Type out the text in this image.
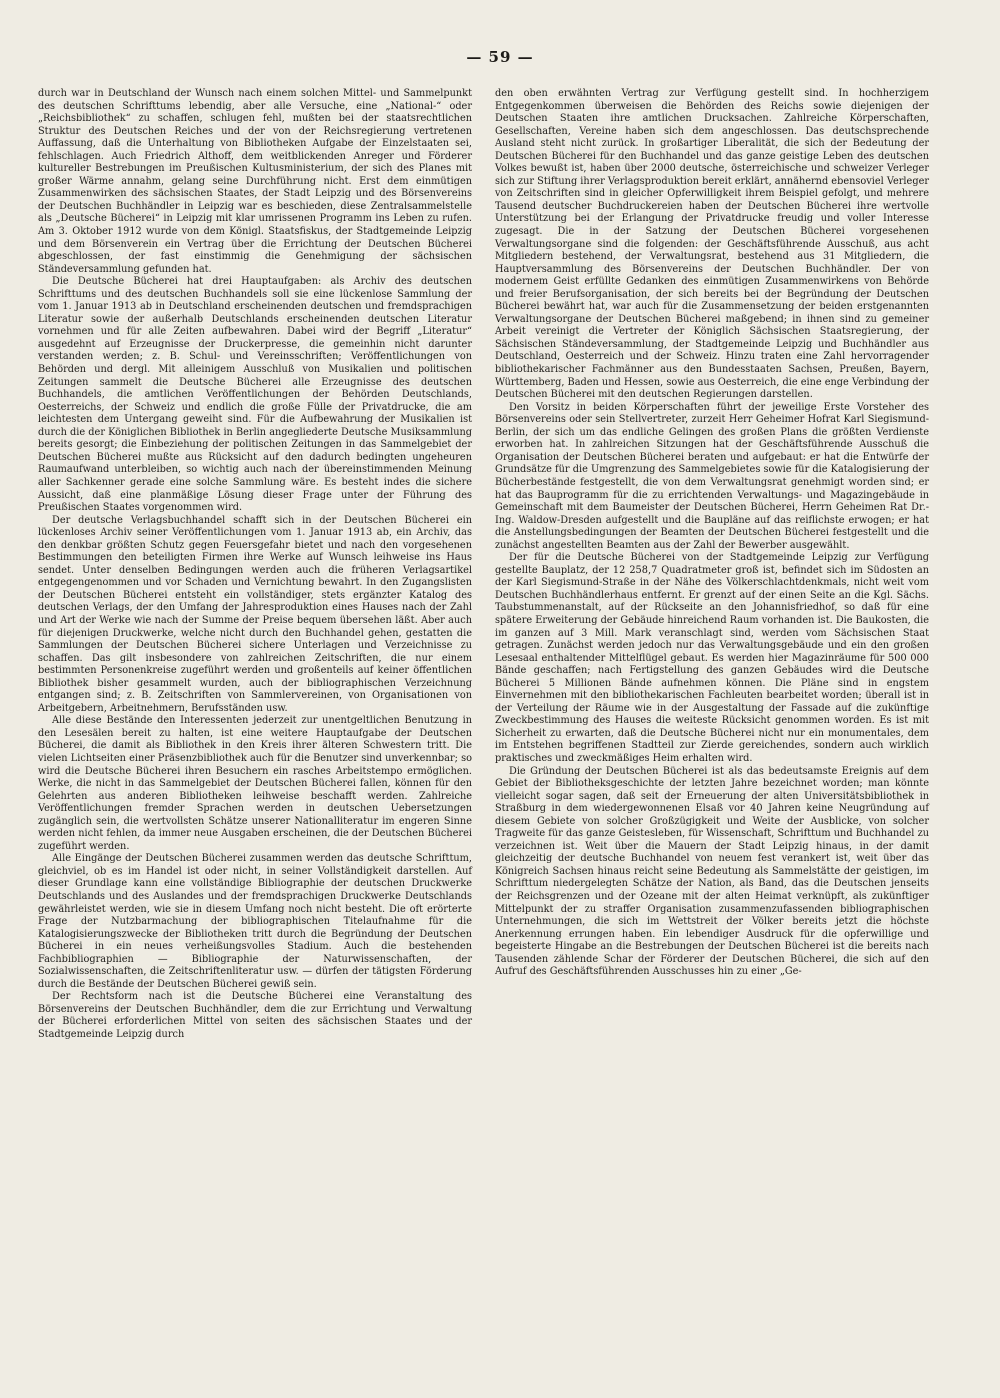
— 59 —

durch war in Deutschland der Wunsch nach einem solchen Mittel- und Sammelpunkt des deutschen Schrifttums lebendig, aber alle Versuche, eine „National-“ oder „Reichsbibliothek“ zu schaffen, schlugen fehl, mußten bei der staatsrechtlichen Struktur des Deutschen Reiches und der von der Reichsregierung vertretenen Auffassung, daß die Unterhaltung von Bibliotheken Aufgabe der Einzelstaaten sei, fehlschlagen. Auch Friedrich Althoff, dem weitblickenden Anreger und Förderer kultureller Bestrebungen im Preußischen Kultusministerium, der sich des Planes mit großer Wärme annahm, gelang seine Durchführung nicht. Erst dem einmütigen Zusammenwirken des sächsischen Staates, der Stadt Leipzig und des Börsenvereins der Deutschen Buchhändler in Leipzig war es beschieden, diese Zentralsammelstelle als „Deutsche Bücherei“ in Leipzig mit klar umrissenen Programm ins Leben zu rufen. Am 3. Oktober 1912 wurde von dem Königl. Staatsfiskus, der Stadtgemeinde Leipzig und dem Börsenverein ein Vertrag über die Errichtung der Deutschen Bücherei abgeschlossen, der fast einstimmig die Genehmigung der sächsischen Ständeversammlung gefunden hat.

Die Deutsche Bücherei hat drei Hauptaufgaben: als Archiv des deutschen Schrifttums und des deutschen Buchhandels soll sie eine lückenlose Sammlung der vom 1. Januar 1913 ab in Deutschland erscheinenden deutschen und fremdsprachigen Literatur sowie der außerhalb Deutschlands erscheinenden deutschen Literatur vornehmen und für alle Zeiten aufbewahren. Dabei wird der Begriff „Literatur“ ausgedehnt auf Erzeugnisse der Druckerpresse, die gemeinhin nicht darunter verstanden werden; z. B. Schul- und Vereinsschriften; Veröffentlichungen von Behörden und dergl. Mit alleinigem Ausschluß von Musikalien und politischen Zeitungen sammelt die Deutsche Bücherei alle Erzeugnisse des deutschen Buchhandels, die amtlichen Veröffentlichungen der Behörden Deutschlands, Oesterreichs, der Schweiz und endlich die große Fülle der Privatdrucke, die am leichtesten dem Untergang geweiht sind. Für die Aufbewahrung der Musikalien ist durch die der Königlichen Bibliothek in Berlin angegliederte Deutsche Musiksammlung bereits gesorgt; die Einbeziehung der politischen Zeitungen in das Sammelgebiet der Deutschen Bücherei mußte aus Rücksicht auf den dadurch bedingten ungeheuren Raumaufwand unterbleiben, so wichtig auch nach der übereinstimmenden Meinung aller Sachkenner gerade eine solche Sammlung wäre. Es besteht indes die sichere Aussicht, daß eine planmäßige Lösung dieser Frage unter der Führung des Preußischen Staates vorgenommen wird.

Der deutsche Verlagsbuchhandel schafft sich in der Deutschen Bücherei ein lückenloses Archiv seiner Veröffentlichungen vom 1. Januar 1913 ab, ein Archiv, das den denkbar größten Schutz gegen Feuersgefahr bietet und nach den vorgesehenen Bestimmungen den beteiligten Firmen ihre Werke auf Wunsch leihweise ins Haus sendet. Unter denselben Bedingungen werden auch die früheren Verlagsartikel entgegengenommen und vor Schaden und Vernichtung bewahrt. In den Zugangslisten der Deutschen Bücherei entsteht ein vollständiger, stets ergänzter Katalog des deutschen Verlags, der den Umfang der Jahresproduktion eines Hauses nach der Zahl und Art der Werke wie nach der Summe der Preise bequem übersehen läßt. Aber auch für diejenigen Druckwerke, welche nicht durch den Buchhandel gehen, gestatten die Sammlungen der Deutschen Bücherei sichere Unterlagen und Verzeichnisse zu schaffen. Das gilt insbesondere von zahlreichen Zeitschriften, die nur einem bestimmten Personenkreise zugeführt werden und großenteils auf keiner öffentlichen Bibliothek bisher gesammelt wurden, auch der bibliographischen Verzeichnung entgangen sind; z. B. Zeitschriften von Sammlervereinen, von Organisationen von Arbeitgebern, Arbeitnehmern, Berufsständen usw.

Alle diese Bestände den Interessenten jederzeit zur unentgeltlichen Benutzung in den Lesesälen bereit zu halten, ist eine weitere Hauptaufgabe der Deutschen Bücherei, die damit als Bibliothek in den Kreis ihrer älteren Schwestern tritt. Die vielen Lichtseiten einer Präsenzbibliothek auch für die Benutzer sind unverkennbar; so wird die Deutsche Bücherei ihren Besuchern ein rasches Arbeitstempo ermöglichen. Werke, die nicht in das Sammelgebiet der Deutschen Bücherei fallen, können für den Gelehrten aus anderen Bibliotheken leihweise beschafft werden. Zahlreiche Veröffentlichungen fremder Sprachen werden in deutschen Uebersetzungen zugänglich sein, die wertvollsten Schätze unserer Nationalliteratur im engeren Sinne werden nicht fehlen, da immer neue Ausgaben erscheinen, die der Deutschen Bücherei zugeführt werden.

Alle Eingänge der Deutschen Bücherei zusammen werden das deutsche Schrifttum, gleichviel, ob es im Handel ist oder nicht, in seiner Vollständigkeit darstellen. Auf dieser Grundlage kann eine vollständige Bibliographie der deutschen Druckwerke Deutschlands und des Auslandes und der fremdsprachigen Druckwerke Deutschlands gewährleistet werden, wie sie in diesem Umfang noch nicht besteht. Die oft erörterte Frage der Nutzbarmachung der bibliographischen Titelaufnahme für die Katalogisierungszwecke der Bibliotheken tritt durch die Begründung der Deutschen Bücherei in ein neues verheißungsvolles Stadium. Auch die bestehenden Fachbibliographien — Bibliographie der Naturwissenschaften, der Sozialwissenschaften, die Zeitschriftenliteratur usw. — dürfen der tätigsten Förderung durch die Bestände der Deutschen Bücherei gewiß sein.

Der Rechtsform nach ist die Deutsche Bücherei eine Veranstaltung des Börsenvereins der Deutschen Buchhändler, dem die zur Errichtung und Verwaltung der Bücherei erforderlichen Mittel von seiten des sächsischen Staates und der Stadtgemeinde Leipzig durch

den oben erwähnten Vertrag zur Verfügung gestellt sind. In hochherzigem Entgegenkommen überweisen die Behörden des Reichs sowie diejenigen der Deutschen Staaten ihre amtlichen Drucksachen. Zahlreiche Körperschaften, Gesellschaften, Vereine haben sich dem angeschlossen. Das deutschsprechende Ausland steht nicht zurück. In großartiger Liberalität, die sich der Bedeutung der Deutschen Bücherei für den Buchhandel und das ganze geistige Leben des deutschen Volkes bewußt ist, haben über 2000 deutsche, österreichische und schweizer Verleger sich zur Stiftung ihrer Verlagsproduktion bereit erklärt, annähernd ebensoviel Verleger von Zeitschriften sind in gleicher Opferwilligkeit ihrem Beispiel gefolgt, und mehrere Tausend deutscher Buchdruckereien haben der Deutschen Bücherei ihre wertvolle Unterstützung bei der Erlangung der Privatdrucke freudig und voller Interesse zugesagt. Die in der Satzung der Deutschen Bücherei vorgesehenen Verwaltungsorgane sind die folgenden: der Geschäftsführende Ausschuß, aus acht Mitgliedern bestehend, der Verwaltungsrat, bestehend aus 31 Mitgliedern, die Hauptversammlung des Börsenvereins der Deutschen Buchhändler. Der von modernem Geist erfüllte Gedanken des einmütigen Zusammenwirkens von Behörde und freier Berufsorganisation, der sich bereits bei der Begründung der Deutschen Bücherei bewährt hat, war auch für die Zusammensetzung der beiden erstgenannten Verwaltungsorgane der Deutschen Bücherei maßgebend; in ihnen sind zu gemeiner Arbeit vereinigt die Vertreter der Königlich Sächsischen Staatsregierung, der Sächsischen Ständeversammlung, der Stadtgemeinde Leipzig und Buchhändler aus Deutschland, Oesterreich und der Schweiz. Hinzu traten eine Zahl hervorragender bibliothekarischer Fachmänner aus den Bundesstaaten Sachsen, Preußen, Bayern, Württemberg, Baden und Hessen, sowie aus Oesterreich, die eine enge Verbindung der Deutschen Bücherei mit den deutschen Regierungen darstellen.

Den Vorsitz in beiden Körperschaften führt der jeweilige Erste Vorsteher des Börsenvereins oder sein Stellvertreter, zurzeit Herr Geheimer Hofrat Karl Siegismund-Berlin, der sich um das endliche Gelingen des großen Plans die größten Verdienste erworben hat. In zahlreichen Sitzungen hat der Geschäftsführende Ausschuß die Organisation der Deutschen Bücherei beraten und aufgebaut: er hat die Entwürfe der Grundsätze für die Umgrenzung des Sammelgebietes sowie für die Katalogisierung der Bücherbestände festgestellt, die von dem Verwaltungsrat genehmigt worden sind; er hat das Bauprogramm für die zu errichtenden Verwaltungs- und Magazingebäude in Gemeinschaft mit dem Baumeister der Deutschen Bücherei, Herrn Geheimen Rat Dr.-Ing. Waldow-Dresden aufgestellt und die Baupläne auf das reiflichste erwogen; er hat die Anstellungsbedingungen der Beamten der Deutschen Bücherei festgestellt und die zunächst angestellten Beamten aus der Zahl der Bewerber ausgewählt.

Der für die Deutsche Bücherei von der Stadtgemeinde Leipzig zur Verfügung gestellte Bauplatz, der 12 258,7 Quadratmeter groß ist, befindet sich im Südosten an der Karl Siegismund-Straße in der Nähe des Völkerschlachtdenkmals, nicht weit vom Deutschen Buchhändlerhaus entfernt. Er grenzt auf der einen Seite an die Kgl. Sächs. Taubstummenanstalt, auf der Rückseite an den Johannisfriedhof, so daß für eine spätere Erweiterung der Gebäude hinreichend Raum vorhanden ist. Die Baukosten, die im ganzen auf 3 Mill. Mark veranschlagt sind, werden vom Sächsischen Staat getragen. Zunächst werden jedoch nur das Verwaltungsgebäude und ein den großen Lesesaal enthaltender Mittelflügel gebaut. Es werden hier Magazinräume für 500 000 Bände geschaffen; nach Fertigstellung des ganzen Gebäudes wird die Deutsche Bücherei 5 Millionen Bände aufnehmen können. Die Pläne sind in engstem Einvernehmen mit den bibliothekarischen Fachleuten bearbeitet worden; überall ist in der Verteilung der Räume wie in der Ausgestaltung der Fassade auf die zukünftige Zweckbestimmung des Hauses die weiteste Rücksicht genommen worden. Es ist mit Sicherheit zu erwarten, daß die Deutsche Bücherei nicht nur ein monumentales, dem im Entstehen begriffenen Stadtteil zur Zierde gereichendes, sondern auch wirklich praktisches und zweckmäßiges Heim erhalten wird.

Die Gründung der Deutschen Bücherei ist als das bedeutsamste Ereignis auf dem Gebiet der Bibliotheksgeschichte der letzten Jahre bezeichnet worden; man könnte vielleicht sogar sagen, daß seit der Erneuerung der alten Universitätsbibliothek in Straßburg in dem wiedergewonnenen Elsaß vor 40 Jahren keine Neugründung auf diesem Gebiete von solcher Großzügigkeit und Weite der Ausblicke, von solcher Tragweite für das ganze Geistesleben, für Wissenschaft, Schrifttum und Buchhandel zu verzeichnen ist. Weit über die Mauern der Stadt Leipzig hinaus, in der damit gleichzeitig der deutsche Buchhandel von neuem fest verankert ist, weit über das Königreich Sachsen hinaus reicht seine Bedeutung als Sammelstätte der geistigen, im Schrifttum niedergelegten Schätze der Nation, als Band, das die Deutschen jenseits der Reichsgrenzen und der Ozeane mit der alten Heimat verknüpft, als zukünftiger Mittelpunkt der zu straffer Organisation zusammenzufassenden bibliographischen Unternehmungen, die sich im Wettstreit der Völker bereits jetzt die höchste Anerkennung errungen haben. Ein lebendiger Ausdruck für die opferwillige und begeisterte Hingabe an die Bestrebungen der Deutschen Bücherei ist die bereits nach Tausenden zählende Schar der Förderer der Deutschen Bücherei, die sich auf den Aufruf des Geschäftsführenden Ausschusses hin zu einer „Ge-
